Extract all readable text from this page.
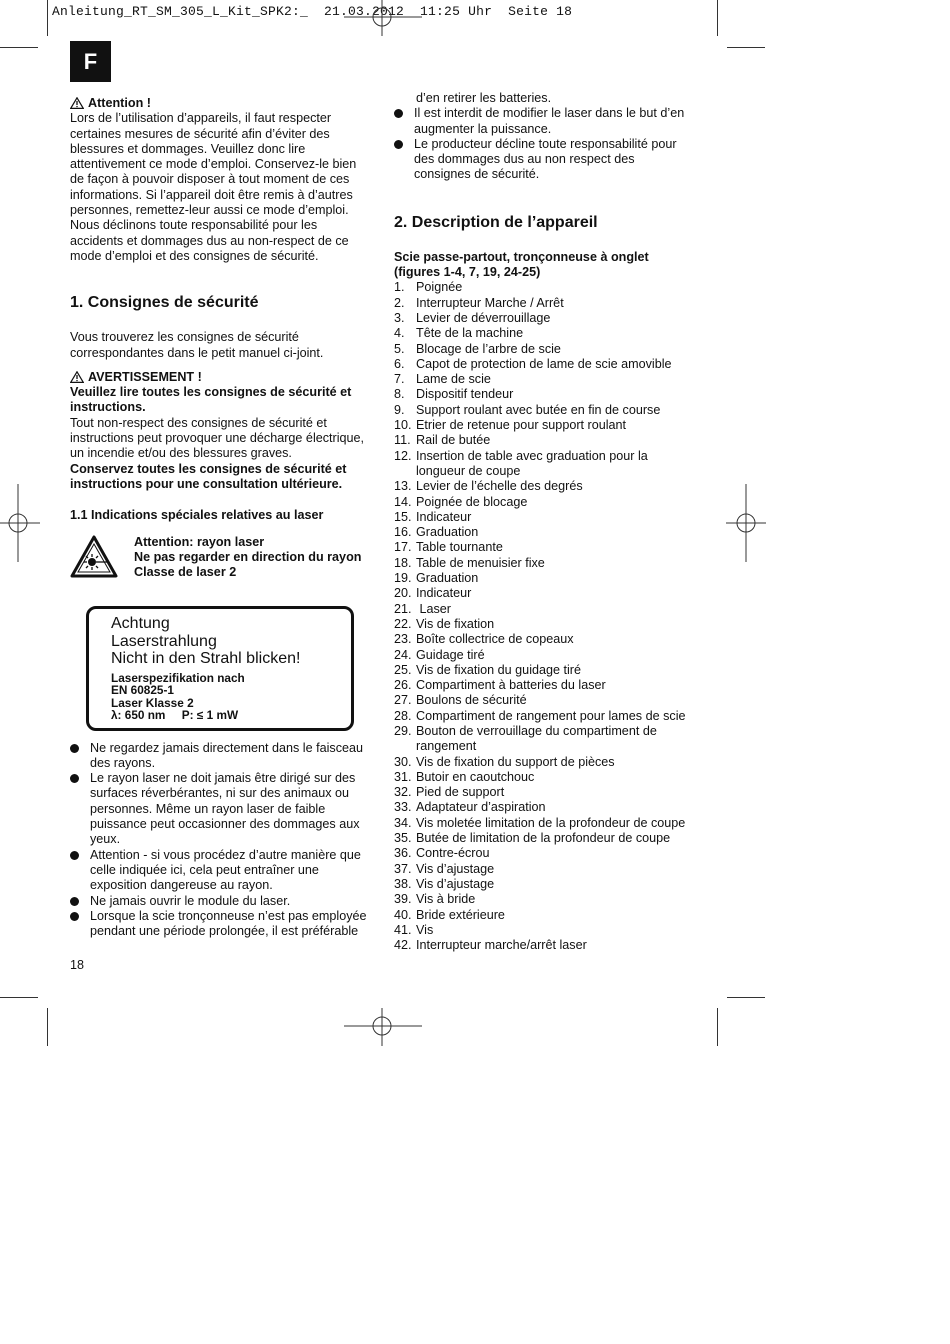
Anleitung_RT_SM_305_L_Kit_SPK2:_  21.03.2012  11:25 Uhr  Seite 18
F

Attention !

Lors de l’utilisation d’appareils, il faut respecter certaines mesures de sécurité afin d’éviter des blessures et dommages. Veuillez donc lire attentivement ce mode d’emploi. Conservez-le bien de façon à pouvoir disposer à tout moment de ces informations. Si l’appareil doit être remis à d’autres personnes, remettez-leur aussi ce mode d’emploi. Nous déclinons toute responsabilité pour les accidents et dommages dus au non-respect de ce mode d’emploi et des consignes de sécurité.

1. Consignes de sécurité

Vous trouverez les consignes de sécurité correspondantes dans le petit manuel ci-joint.

AVERTISSEMENT !

Veuillez lire toutes les consignes de sécurité et instructions.

Tout non-respect des consignes de sécurité et instructions peut provoquer une décharge électrique, un incendie et/ou des blessures graves.

Conservez toutes les consignes de sécurité et instructions pour une consultation ultérieure.

1.1 Indications spéciales relatives au laser

Attention: rayon laser

Ne pas regarder en direction du rayon

Classe de laser 2

Achtung

Laserstrahlung

Nicht in den Strahl blicken!

Laserspezifikation nach

EN 60825-1

Laser Klasse 2

λ: 650 nm     P: ≤ 1 mW

Ne regardez jamais directement dans le faisceau des rayons.
Le rayon laser ne doit jamais être dirigé sur des surfaces réverbérantes, ni sur des animaux ou personnes. Même un rayon laser de faible puissance peut occasionner des dommages aux yeux.
Attention - si vous procédez d’autre manière que celle indiquée ici, cela peut entraîner une exposition dangereuse au rayon.
Ne jamais ouvrir le module du laser.
Lorsque la scie tronçonneuse n’est pas employée pendant une période prolongée, il est préférable

d’en retirer les batteries.

Il est interdit de modifier le laser dans le but d’en augmenter la puissance.
Le producteur décline toute responsabilité pour des dommages dus au non respect des consignes de sécurité.

2. Description de l’appareil

Scie passe-partout, tronçonneuse à onglet

(figures 1-4, 7, 19, 24-25)

1. Poignée
2. Interrupteur Marche / Arrêt
3. Levier de déverrouillage
4. Tête de la machine
5. Blocage de l’arbre de scie
6. Capot de protection de lame de scie amovible
7. Lame de scie
8. Dispositif tendeur
9. Support roulant avec butée en fin de course
10. Etrier de retenue pour support roulant
11. Rail de butée
12. Insertion de table avec graduation pour la longueur de coupe
13. Levier de l’échelle des degrés
14. Poignée de blocage
15. Indicateur
16. Graduation
17. Table tournante
18. Table de menuisier fixe
19. Graduation
20. Indicateur
21. Laser
22. Vis de fixation
23. Boîte collectrice de copeaux
24. Guidage tiré
25. Vis de fixation du guidage tiré
26. Compartiment à batteries du laser
27. Boulons de sécurité
28. Compartiment de rangement pour lames de scie
29. Bouton de verrouillage du compartiment de rangement
30. Vis de fixation du support de pièces
31. Butoir en caoutchouc
32. Pied de support
33. Adaptateur d’aspiration
34. Vis moletée limitation de la profondeur de coupe
35. Butée de limitation de la profondeur de coupe
36. Contre-écrou
37. Vis d’ajustage
38. Vis d’ajustage
39. Vis à bride
40. Bride extérieure
41. Vis
42. Interrupteur marche/arrêt laser
18
